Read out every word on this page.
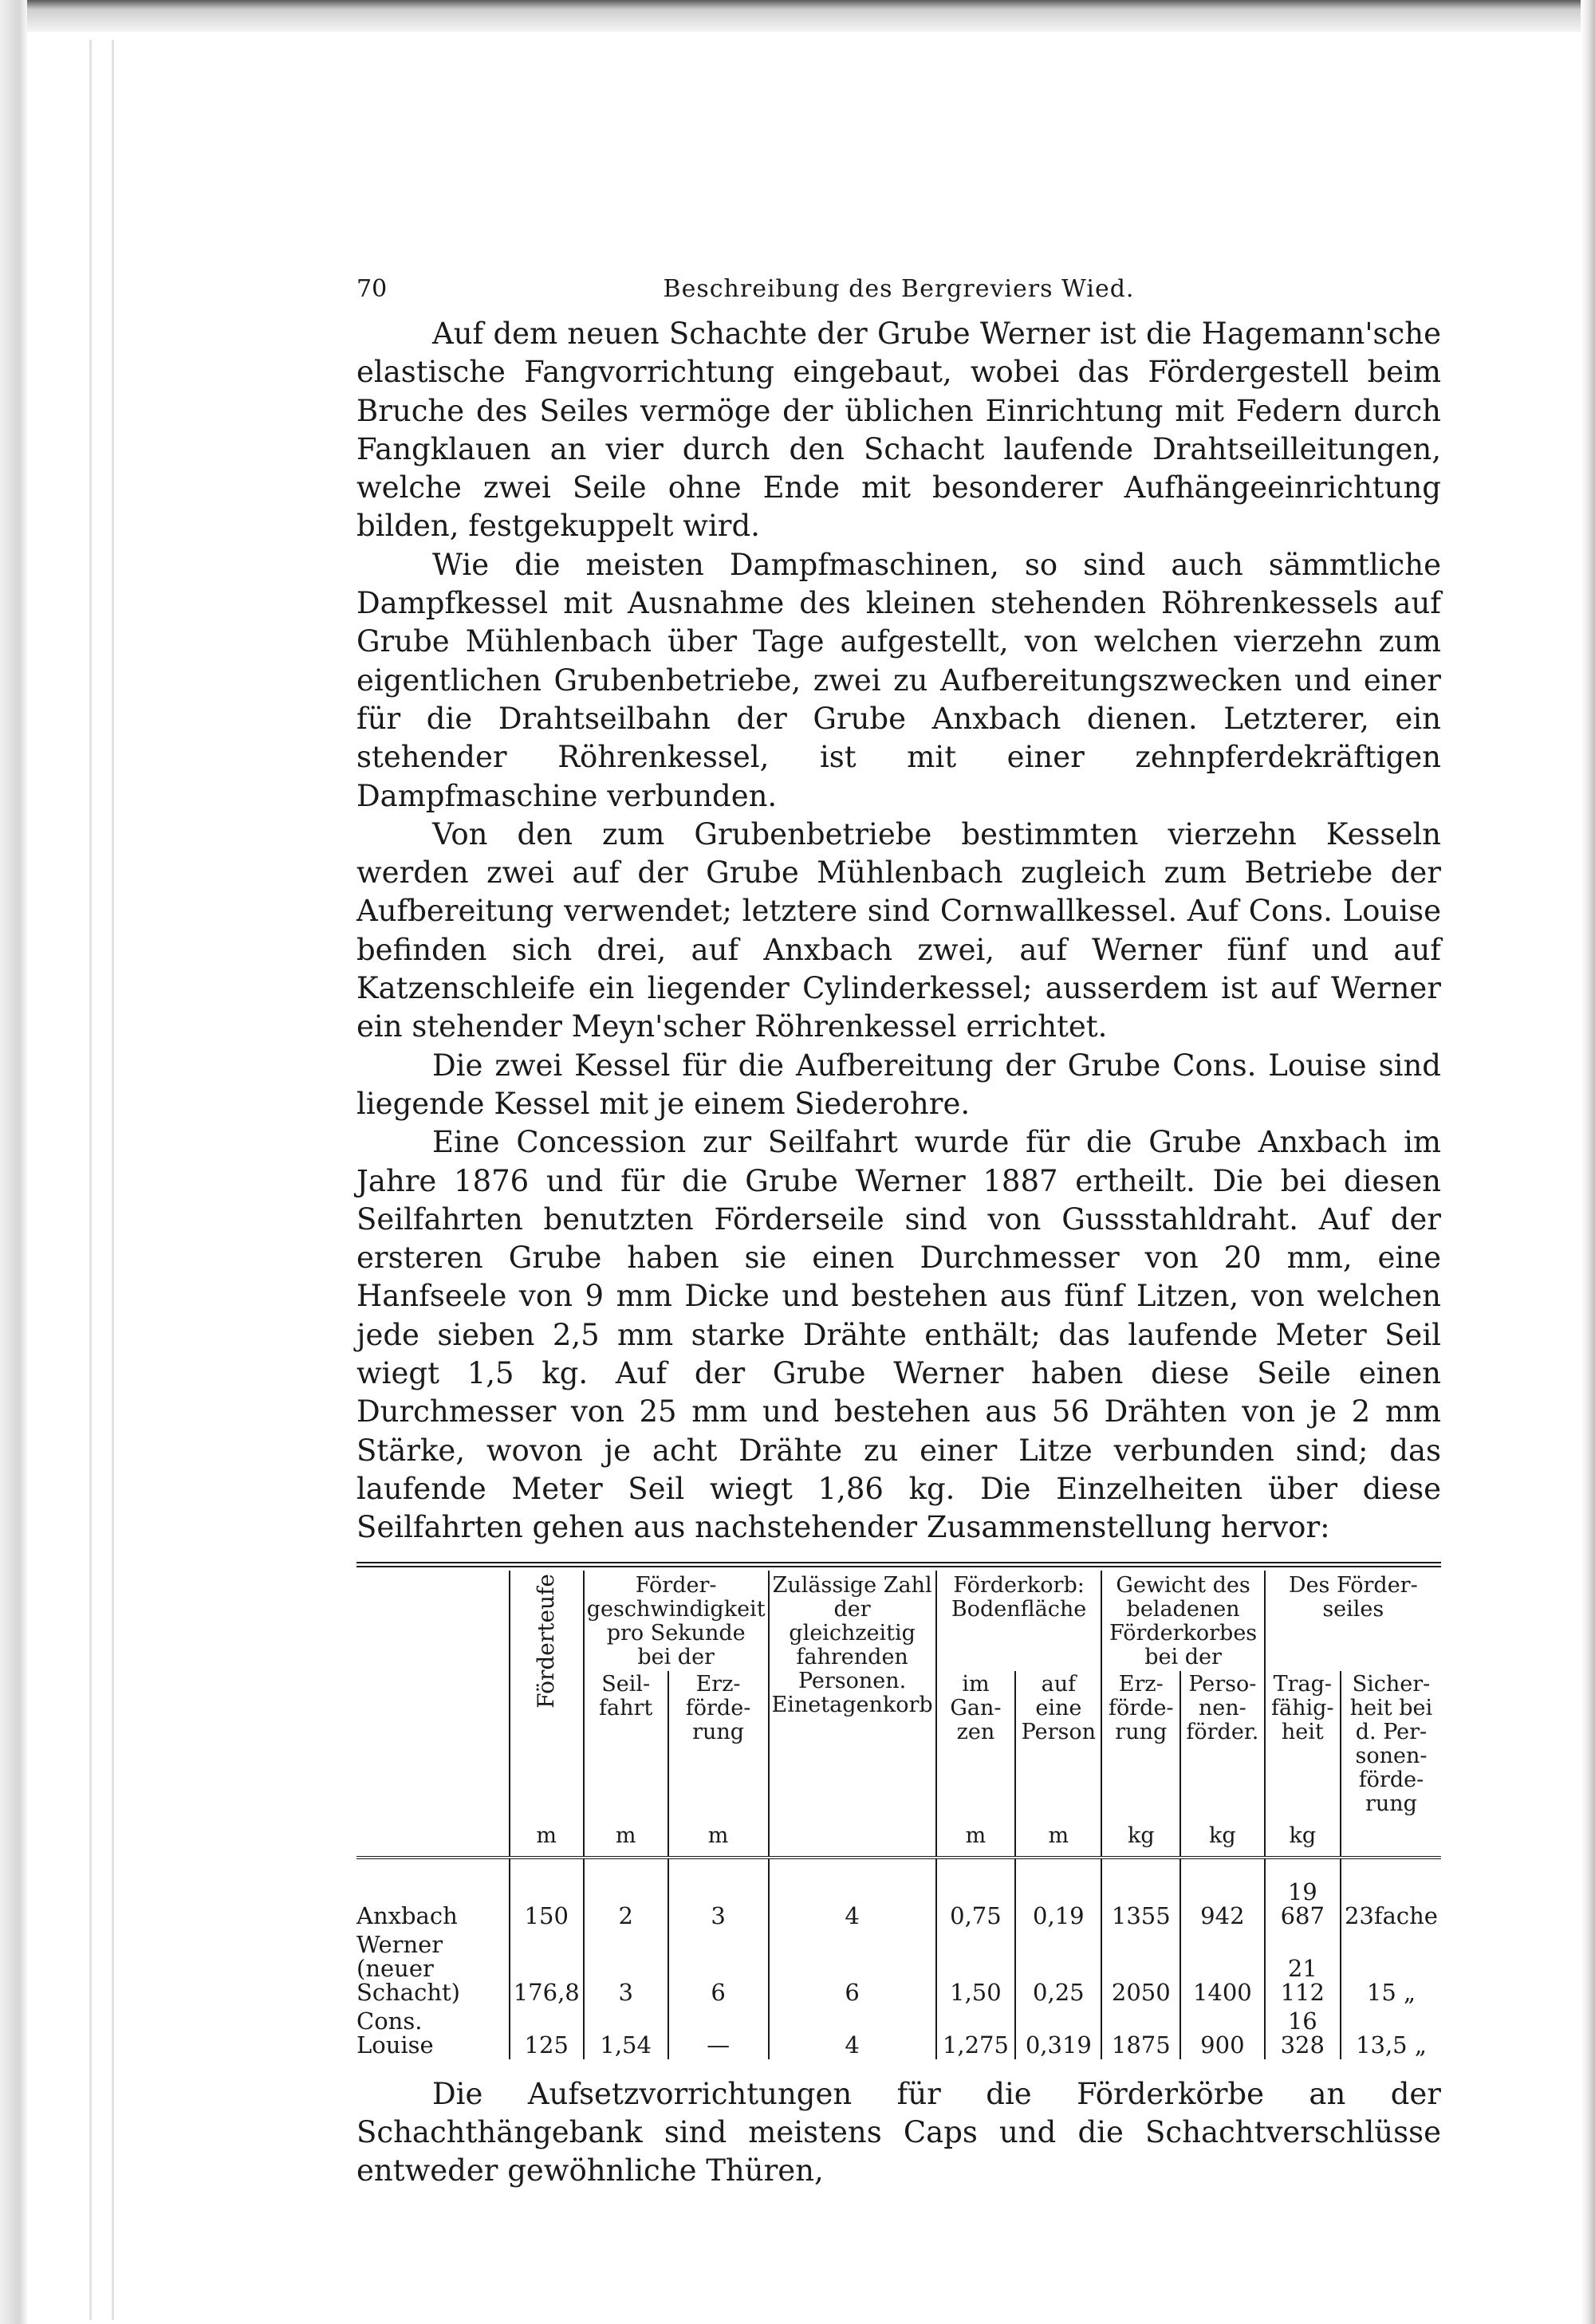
70	Beschreibung des Bergreviers Wied.

Auf dem neuen Schachte der Grube Werner ist die Hagemann'sche elastische Fangvorrichtung eingebaut, wobei das Fördergestell beim Bruche des Seiles vermöge der üblichen Einrichtung mit Federn durch Fangklauen an vier durch den Schacht laufende Drahtseilleitungen, welche zwei Seile ohne Ende mit besonderer Aufhängeeinrichtung bilden, festgekuppelt wird.

Wie die meisten Dampfmaschinen, so sind auch sämmtliche Dampfkessel mit Ausnahme des kleinen stehenden Röhrenkessels auf Grube Mühlenbach über Tage aufgestellt, von welchen vierzehn zum eigentlichen Grubenbetriebe, zwei zu Aufbereitungszwecken und einer für die Drahtseilbahn der Grube Anxbach dienen. Letzterer, ein stehender Röhrenkessel, ist mit einer zehnpferdekräftigen Dampfmaschine verbunden.

Von den zum Grubenbetriebe bestimmten vierzehn Kesseln werden zwei auf der Grube Mühlenbach zugleich zum Betriebe der Aufbereitung verwendet; letztere sind Cornwallkessel. Auf Cons. Louise befinden sich drei, auf Anxbach zwei, auf Werner fünf und auf Katzenschleife ein liegender Cylinderkessel; ausserdem ist auf Werner ein stehender Meyn'scher Röhrenkessel errichtet.

Die zwei Kessel für die Aufbereitung der Grube Cons. Louise sind liegende Kessel mit je einem Siederohre.

Eine Concession zur Seilfahrt wurde für die Grube Anxbach im Jahre 1876 und für die Grube Werner 1887 ertheilt. Die bei diesen Seilfahrten benutzten Förderseile sind von Gussstahldraht. Auf der ersteren Grube haben sie einen Durchmesser von 20 mm, eine Hanfseele von 9 mm Dicke und bestehen aus fünf Litzen, von welchen jede sieben 2,5 mm starke Drähte enthält; das laufende Meter Seil wiegt 1,5 kg. Auf der Grube Werner haben diese Seile einen Durchmesser von 25 mm und bestehen aus 56 Drähten von je 2 mm Stärke, wovon je acht Drähte zu einer Litze verbunden sind; das laufende Meter Seil wiegt 1,86 kg. Die Einzelheiten über diese Seilfahrten gehen aus nachstehender Zusammenstellung hervor:

	Förderteufe	Förder-geschwindigkeit pro Sekunde bei der		Zulässige Zahl der gleichzeitig fahrenden Personen. Einetagenkorb	Förderkorb: Bodenfläche		Gewicht des beladenen Förderkorbes bei der		Des Förder-seiles	
		Seil-fahrt	Erz-förde-rung		im Gan-zen	auf eine Person	Erz-förde-rung	Perso-nen-förder.	Trag-fähig-heit	Sicher-heit bei d. Per-sonen-förde-rung
	m	m	m		m	m	kg	kg	kg	
Anxbach	150	2	3	4	0,75	0,19	1355	942	19 687	23fache
Werner (neuer Schacht)	176,8	3	6	6	1,50	0,25	2050	1400	21 112	15 „
Cons. Louise	125	1,54	—	4	1,275	0,319	1875	900	16 328	13,5 „

Die Aufsetzvorrichtungen für die Förderkörbe an der Schachthängebank sind meistens Caps und die Schachtverschlüsse entweder gewöhnliche Thüren,
